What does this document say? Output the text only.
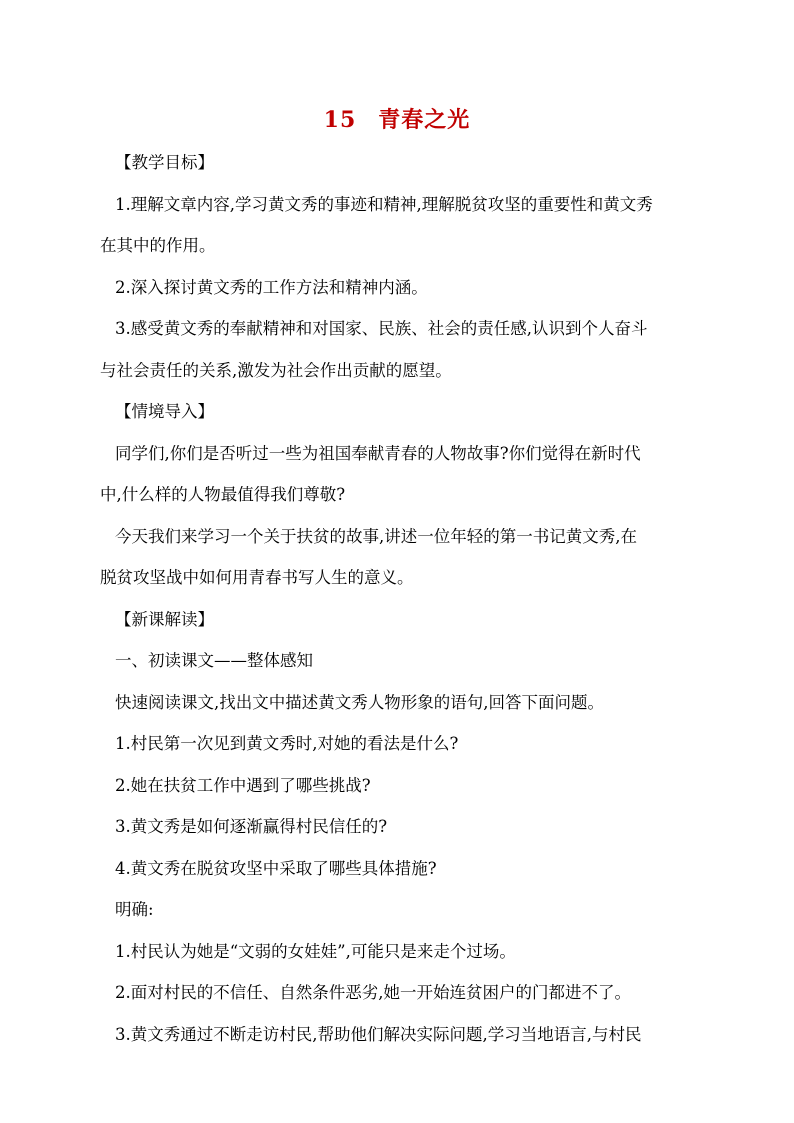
15 青春之光

【教学目标】

1.理解文章内容,学习黄文秀的事迹和精神,理解脱贫攻坚的重要性和黄文秀
在其中的作用。
2.深入探讨黄文秀的工作方法和精神内涵。
3.感受黄文秀的奉献精神和对国家、民族、社会的责任感,认识到个人奋斗
与社会责任的关系,激发为社会作出贡献的愿望。

【情境导入】

同学们,你们是否听过一些为祖国奉献青春的人物故事?你们觉得在新时代
中,什么样的人物最值得我们尊敬?
今天我们来学习一个关于扶贫的故事,讲述一位年轻的第一书记黄文秀,在
脱贫攻坚战中如何用青春书写人生的意义。

【新课解读】

一、初读课文——整体感知

快速阅读课文,找出文中描述黄文秀人物形象的语句,回答下面问题。

1.村民第一次见到黄文秀时,对她的看法是什么?

2.她在扶贫工作中遇到了哪些挑战?

3.黄文秀是如何逐渐赢得村民信任的?

4.黄文秀在脱贫攻坚中采取了哪些具体措施?

明确:

1.村民认为她是“文弱的女娃娃”,可能只是来走个过场。

2.面对村民的不信任、自然条件恶劣,她一开始连贫困户的门都进不了。

3.黄文秀通过不断走访村民,帮助他们解决实际问题,学习当地语言,与村民
